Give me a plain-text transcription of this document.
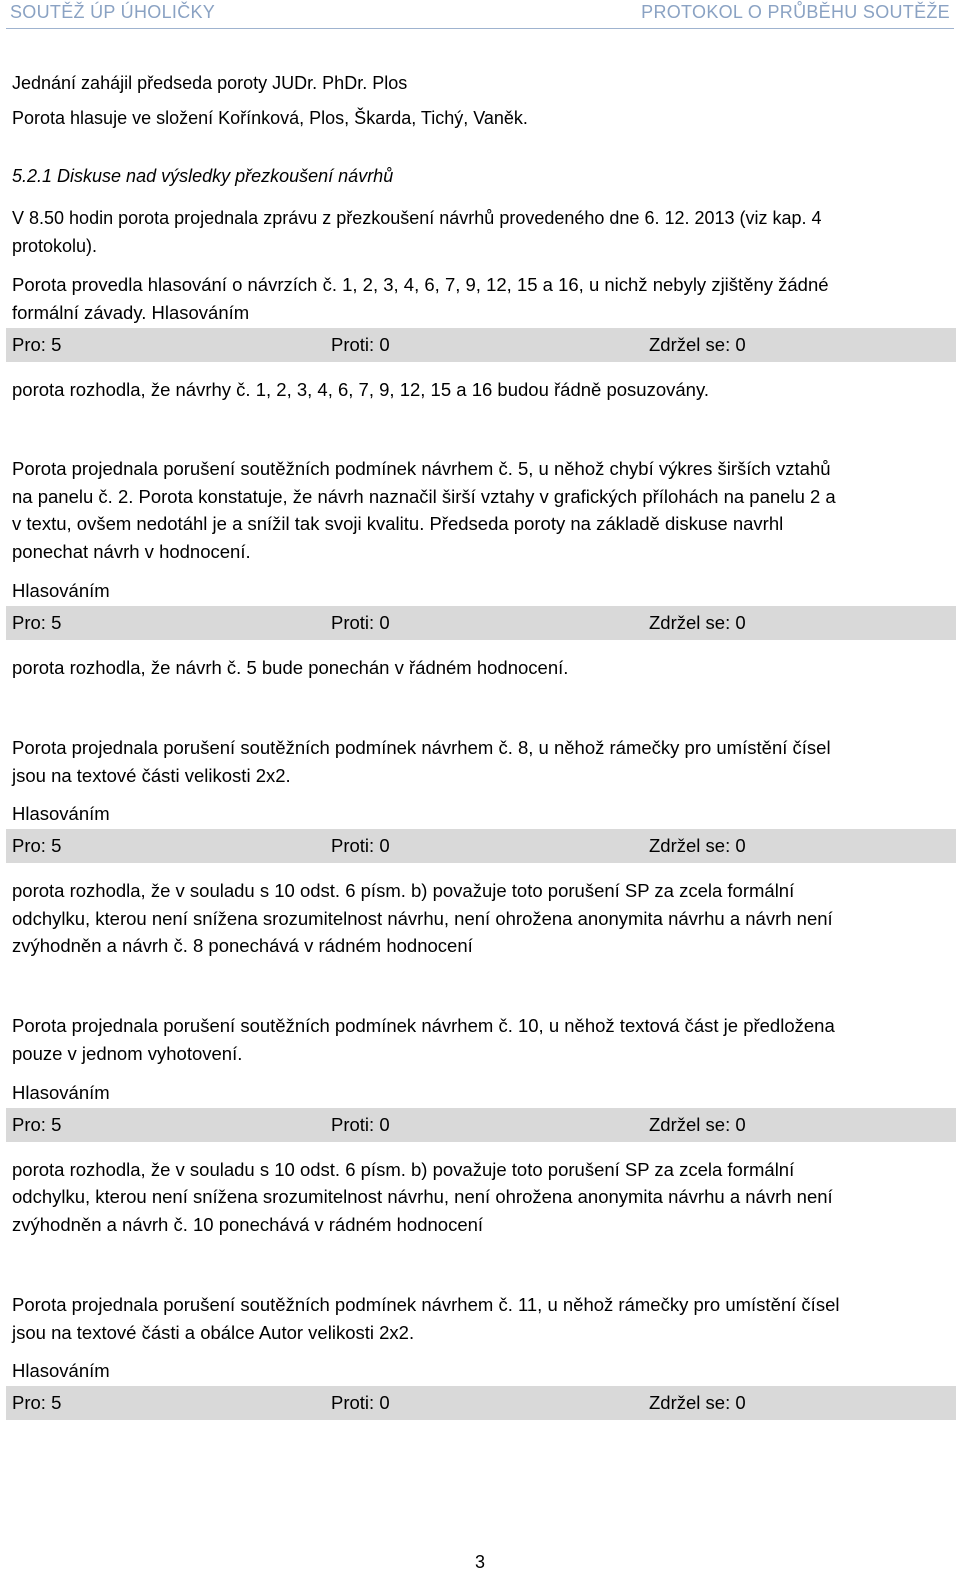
SOUTĚŽ ÚP ÚHOLIČKY	PROTOKOL O PRŮBĚHU SOUTĚŽE
Jednání zahájil předseda poroty JUDr. PhDr. Plos
Porota hlasuje ve složení Kořínková, Plos, Škarda, Tichý, Vaněk.
5.2.1 Diskuse nad výsledky přezkoušení návrhů
V 8.50 hodin porota projednala zprávu z přezkoušení návrhů provedeného dne 6. 12. 2013 (viz kap. 4
protokolu).
Porota provedla hlasování o návrzích č. 1, 2, 3, 4, 6, 7, 9, 12, 15 a 16, u nichž nebyly zjištěny žádné
formální závady. Hlasováním
Pro: 5	Proti: 0	Zdržel se: 0
porota rozhodla, že návrhy č. 1, 2, 3, 4, 6, 7, 9, 12, 15 a 16 budou řádně posuzovány.
Porota projednala porušení soutěžních podmínek návrhem č. 5, u něhož chybí výkres širších vztahů
na panelu č. 2. Porota konstatuje, že návrh naznačil širší vztahy v grafických přílohách na panelu 2 a
v textu, ovšem nedotáhl je a snížil tak svoji kvalitu. Předseda poroty na základě diskuse navrhl
ponechat návrh v hodnocení.
Hlasováním
Pro: 5	Proti: 0	Zdržel se: 0
porota rozhodla, že návrh č. 5 bude ponechán v řádném hodnocení.
Porota projednala porušení soutěžních podmínek návrhem č. 8, u něhož rámečky pro umístění čísel
jsou na textové části velikosti 2x2.
Hlasováním
Pro: 5	Proti: 0	Zdržel se: 0
porota rozhodla, že v souladu s 10 odst. 6 písm. b) považuje toto porušení SP za zcela formální
odchylku, kterou není snížena srozumitelnost návrhu, není ohrožena anonymita návrhu a návrh není
zvýhodněn a návrh č. 8 ponechává v rádném hodnocení
Porota projednala porušení soutěžních podmínek návrhem č. 10, u něhož textová část je předložena
pouze v jednom vyhotovení.
Hlasováním
Pro: 5	Proti: 0	Zdržel se: 0
porota rozhodla, že v souladu s 10 odst. 6 písm. b) považuje toto porušení SP za zcela formální
odchylku, kterou není snížena srozumitelnost návrhu, není ohrožena anonymita návrhu a návrh není
zvýhodněn a návrh č. 10 ponechává v rádném hodnocení
Porota projednala porušení soutěžních podmínek návrhem č. 11, u něhož rámečky pro umístění čísel
jsou na textové části a obálce Autor velikosti 2x2.
Hlasováním
Pro: 5	Proti: 0	Zdržel se: 0
3
